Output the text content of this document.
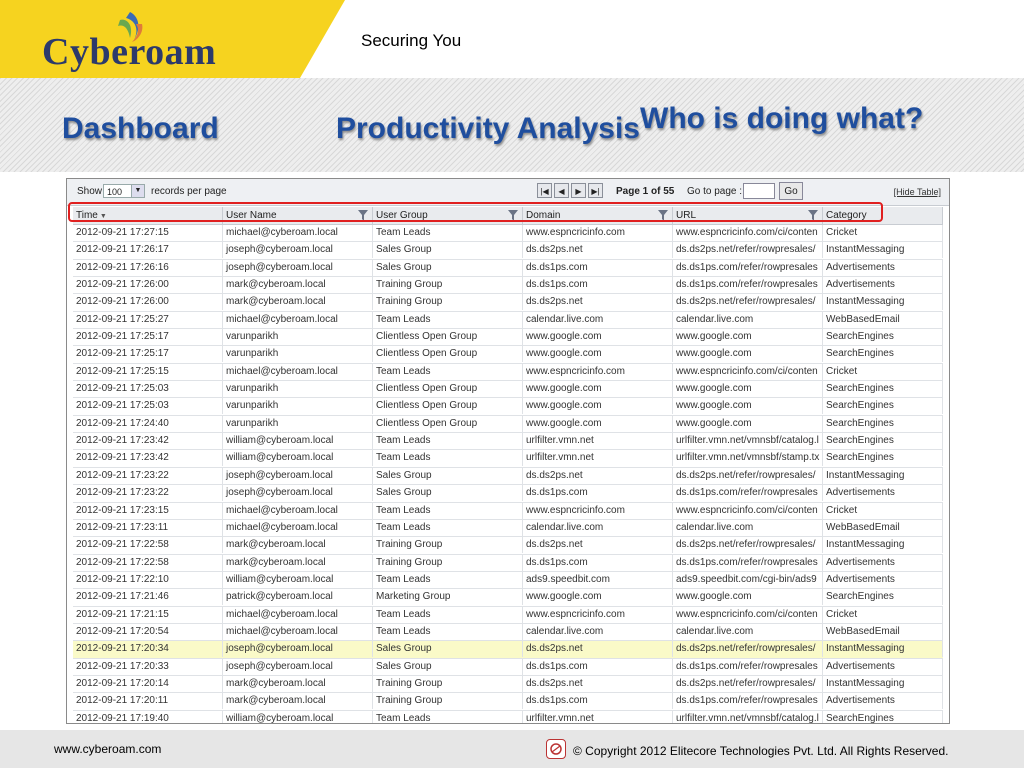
Cyberoam	Securing You
Dashboard	Productivity Analysis Who is doing what?
Show 100	▼ records per page	|◀	◀	▶	▶|	Page 1 of 55 Go to page :	Go	[Hide Table]
Time ▼	User Name	User Group	Domain	URL	Category
2012-09-21 17:27:15	michael@cyberoam.local	Team Leads	www.espncricinfo.com	www.espncricinfo.com/ci/conten Cricket
2012-09-21 17:26:17	joseph@cyberoam.local	Sales Group	ds.ds2ps.net	ds.ds2ps.net/refer/rowpresales/	InstantMessaging
2012-09-21 17:26:16	joseph@cyberoam.local	Sales Group	ds.ds1ps.com	ds.ds1ps.com/refer/rowpresales Advertisements
2012-09-21 17:26:00	mark@cyberoam.local	Training Group	ds.ds1ps.com	ds.ds1ps.com/refer/rowpresales Advertisements
2012-09-21 17:26:00	mark@cyberoam.local	Training Group	ds.ds2ps.net	ds.ds2ps.net/refer/rowpresales/	InstantMessaging
2012-09-21 17:25:27	michael@cyberoam.local	Team Leads	calendar.live.com	calendar.live.com	WebBasedEmail
2012-09-21 17:25:17	varunparikh	Clientless Open Group	www.google.com	www.google.com	SearchEngines
2012-09-21 17:25:17	varunparikh	Clientless Open Group	www.google.com	www.google.com	SearchEngines
2012-09-21 17:25:15	michael@cyberoam.local	Team Leads	www.espncricinfo.com	www.espncricinfo.com/ci/conten Cricket
2012-09-21 17:25:03	varunparikh	Clientless Open Group	www.google.com	www.google.com	SearchEngines
2012-09-21 17:25:03	varunparikh	Clientless Open Group	www.google.com	www.google.com	SearchEngines
2012-09-21 17:24:40	varunparikh	Clientless Open Group	www.google.com	www.google.com	SearchEngines
2012-09-21 17:23:42	william@cyberoam.local	Team Leads	urlfilter.vmn.net	urlfilter.vmn.net/vmnsbf/catalog.l SearchEngines
2012-09-21 17:23:42	william@cyberoam.local	Team Leads	urlfilter.vmn.net	urlfilter.vmn.net/vmnsbf/stamp.tx SearchEngines
2012-09-21 17:23:22	joseph@cyberoam.local	Sales Group	ds.ds2ps.net	ds.ds2ps.net/refer/rowpresales/	InstantMessaging
2012-09-21 17:23:22	joseph@cyberoam.local	Sales Group	ds.ds1ps.com	ds.ds1ps.com/refer/rowpresales Advertisements
2012-09-21 17:23:15	michael@cyberoam.local	Team Leads	www.espncricinfo.com	www.espncricinfo.com/ci/conten Cricket
2012-09-21 17:23:11	michael@cyberoam.local	Team Leads	calendar.live.com	calendar.live.com	WebBasedEmail
2012-09-21 17:22:58	mark@cyberoam.local	Training Group	ds.ds2ps.net	ds.ds2ps.net/refer/rowpresales/	InstantMessaging
2012-09-21 17:22:58	mark@cyberoam.local	Training Group	ds.ds1ps.com	ds.ds1ps.com/refer/rowpresales Advertisements
2012-09-21 17:22:10	william@cyberoam.local	Team Leads	ads9.speedbit.com	ads9.speedbit.com/cgi-bin/ads9 Advertisements
2012-09-21 17:21:46	patrick@cyberoam.local	Marketing Group	www.google.com	www.google.com	SearchEngines
2012-09-21 17:21:15	michael@cyberoam.local	Team Leads	www.espncricinfo.com	www.espncricinfo.com/ci/conten Cricket
2012-09-21 17:20:54	michael@cyberoam.local	Team Leads	calendar.live.com	calendar.live.com	WebBasedEmail
2012-09-21 17:20:34	joseph@cyberoam.local	Sales Group	ds.ds2ps.net	ds.ds2ps.net/refer/rowpresales/	InstantMessaging
2012-09-21 17:20:33	joseph@cyberoam.local	Sales Group	ds.ds1ps.com	ds.ds1ps.com/refer/rowpresales Advertisements
2012-09-21 17:20:14	mark@cyberoam.local	Training Group	ds.ds2ps.net	ds.ds2ps.net/refer/rowpresales/	InstantMessaging
2012-09-21 17:20:11	mark@cyberoam.local	Training Group	ds.ds1ps.com	ds.ds1ps.com/refer/rowpresales Advertisements
2012-09-21 17:19:40	william@cyberoam.local	Team Leads	urlfilter.vmn.net	urlfilter.vmn.net/vmnsbf/catalog.l SearchEngines
www.cyberoam.com	© Copyright 2012 Elitecore Technologies Pvt. Ltd. All Rights Reserved.
